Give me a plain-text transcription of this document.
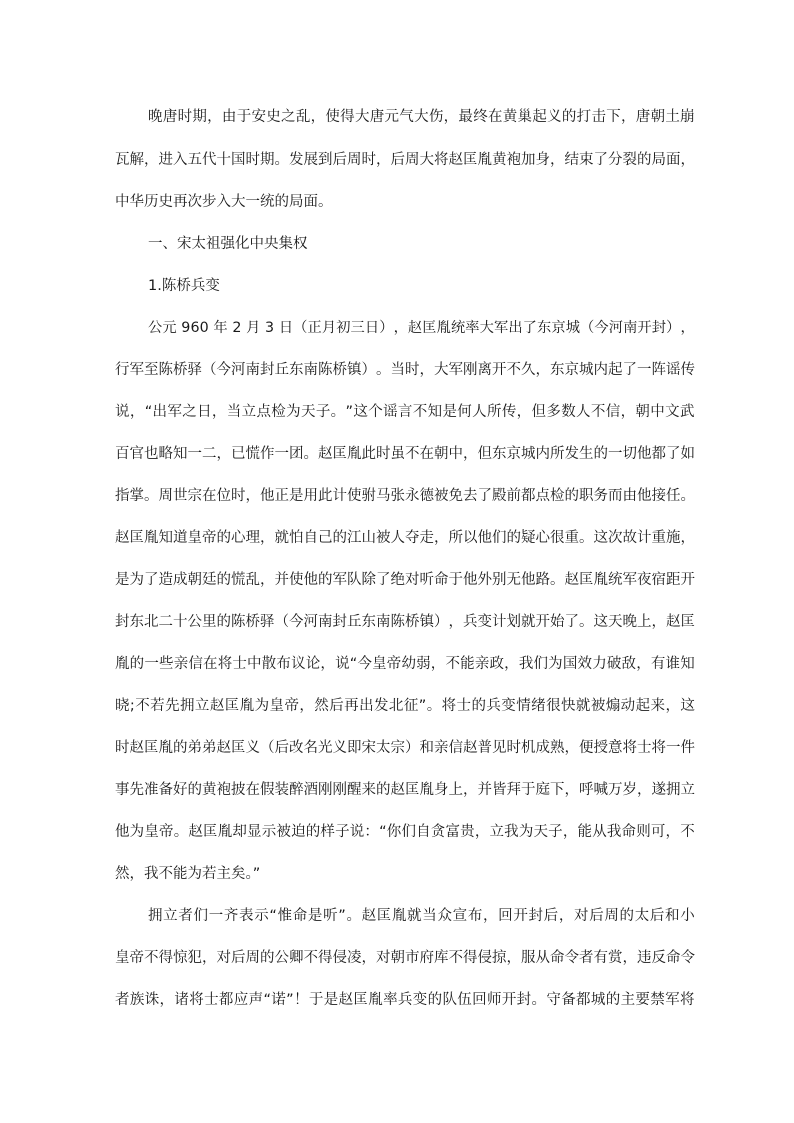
晚 唐 时 期 ， 由 于 安 史 之 乱 ， 使 得 大 唐 元 气 大 伤 ， 最 终 在 黄 巢 起 义 的 打 击 下 ， 唐 朝 土 崩
瓦 解 ， 进 入 五 代 十 国 时 期 。 发 展 到 后 周 时 ， 后 周 大 将 赵 匡 胤 黄 袍 加 身 ， 结 束 了 分 裂 的 局 面 ，
中华历史再次步入大一统的局面。
一、宋太祖强化中央集权
1.陈桥兵变
公 元
9 6 0
年
2
月
3
日 （ 正 月 初 三 日 ） ， 赵 匡 胤 统 率 大 军 出 了 东 京 城 （ 今 河 南 开 封 ） ，
行 军 至 陈 桥 驿 （ 今 河 南 封 丘 东 南 陈 桥 镇 ） 。 当 时 ， 大 军 刚 离 开 不 久 ， 东 京 城 内 起 了 一 阵 谣 传
说 ， “ 出 军 之 日 ， 当 立 点 检 为 天 子 。 ” 这 个 谣 言 不 知 是 何 人 所 传 ， 但 多 数 人 不 信 ， 朝 中 文 武
百 官 也 略 知 一 二 ， 已 慌 作 一 团 。 赵 匡 胤 此 时 虽 不 在 朝 中 ， 但 东 京 城 内 所 发 生 的 一 切 他 都 了 如
指 掌 。 周 世 宗 在 位 时 ， 他 正 是 用 此 计 使 驸 马 张 永 德 被 免 去 了 殿 前 都 点 检 的 职 务 而 由 他 接 任 。
赵 匡 胤 知 道 皇 帝 的 心 理 ， 就 怕 自 己 的 江 山 被 人 夺 走 ， 所 以 他 们 的 疑 心 很 重 。 这 次 故 计 重 施 ，
是 为 了 造 成 朝 廷 的 慌 乱 ， 并 使 他 的 军 队 除 了 绝 对 听 命 于 他 外 别 无 他 路 。 赵 匡 胤 统 军 夜 宿 距 开
封 东 北 二 十 公 里 的 陈 桥 驿 （ 今 河 南 封 丘 东 南 陈 桥 镇 ） ， 兵 变 计 划 就 开 始 了 。 这 天 晚 上 ， 赵 匡
胤 的 一 些 亲 信 在 将 士 中 散 布 议 论 ， 说 “ 今 皇 帝 幼 弱 ， 不 能 亲 政 ， 我 们 为 国 效 力 破 敌 ， 有 谁 知
晓 ; 不 若 先 拥 立 赵 匡 胤 为 皇 帝 ， 然 后 再 出 发 北 征 ” 。 将 士 的 兵 变 情 绪 很 快 就 被 煽 动 起 来 ， 这
时 赵 匡 胤 的 弟 弟 赵 匡 义 （ 后 改 名 光 义 即 宋 太 宗 ） 和 亲 信 赵 普 见 时 机 成 熟 ， 便 授 意 将 士 将 一 件
事 先 准 备 好 的 黄 袍 披 在 假 装 醉 酒 刚 刚 醒 来 的 赵 匡 胤 身 上 ， 并 皆 拜 于 庭 下 ， 呼 喊 万 岁 ， 遂 拥 立
他 为 皇 帝 。 赵 匡 胤 却 显 示 被 迫 的 样 子 说 ： “ 你 们 自 贪 富 贵 ， 立 我 为 天 子 ， 能 从 我 命 则 可 ， 不
然，我不能为若主矣。”
拥 立 者 们 一 齐 表 示 “ 惟 命 是 听 ” 。 赵 匡 胤 就 当 众 宣 布 ， 回 开 封 后 ， 对 后 周 的 太 后 和 小
皇 帝 不 得 惊 犯 ， 对 后 周 的 公 卿 不 得 侵 凌 ， 对 朝 市 府 库 不 得 侵 掠 ， 服 从 命 令 者 有 赏 ， 违 反 命 令
者 族 诛 ， 诸 将 士 都 应 声 “ 诺 ” ！ 于 是 赵 匡 胤 率 兵 变 的 队 伍 回 师 开 封 。 守 备 都 城 的 主 要 禁 军 将
